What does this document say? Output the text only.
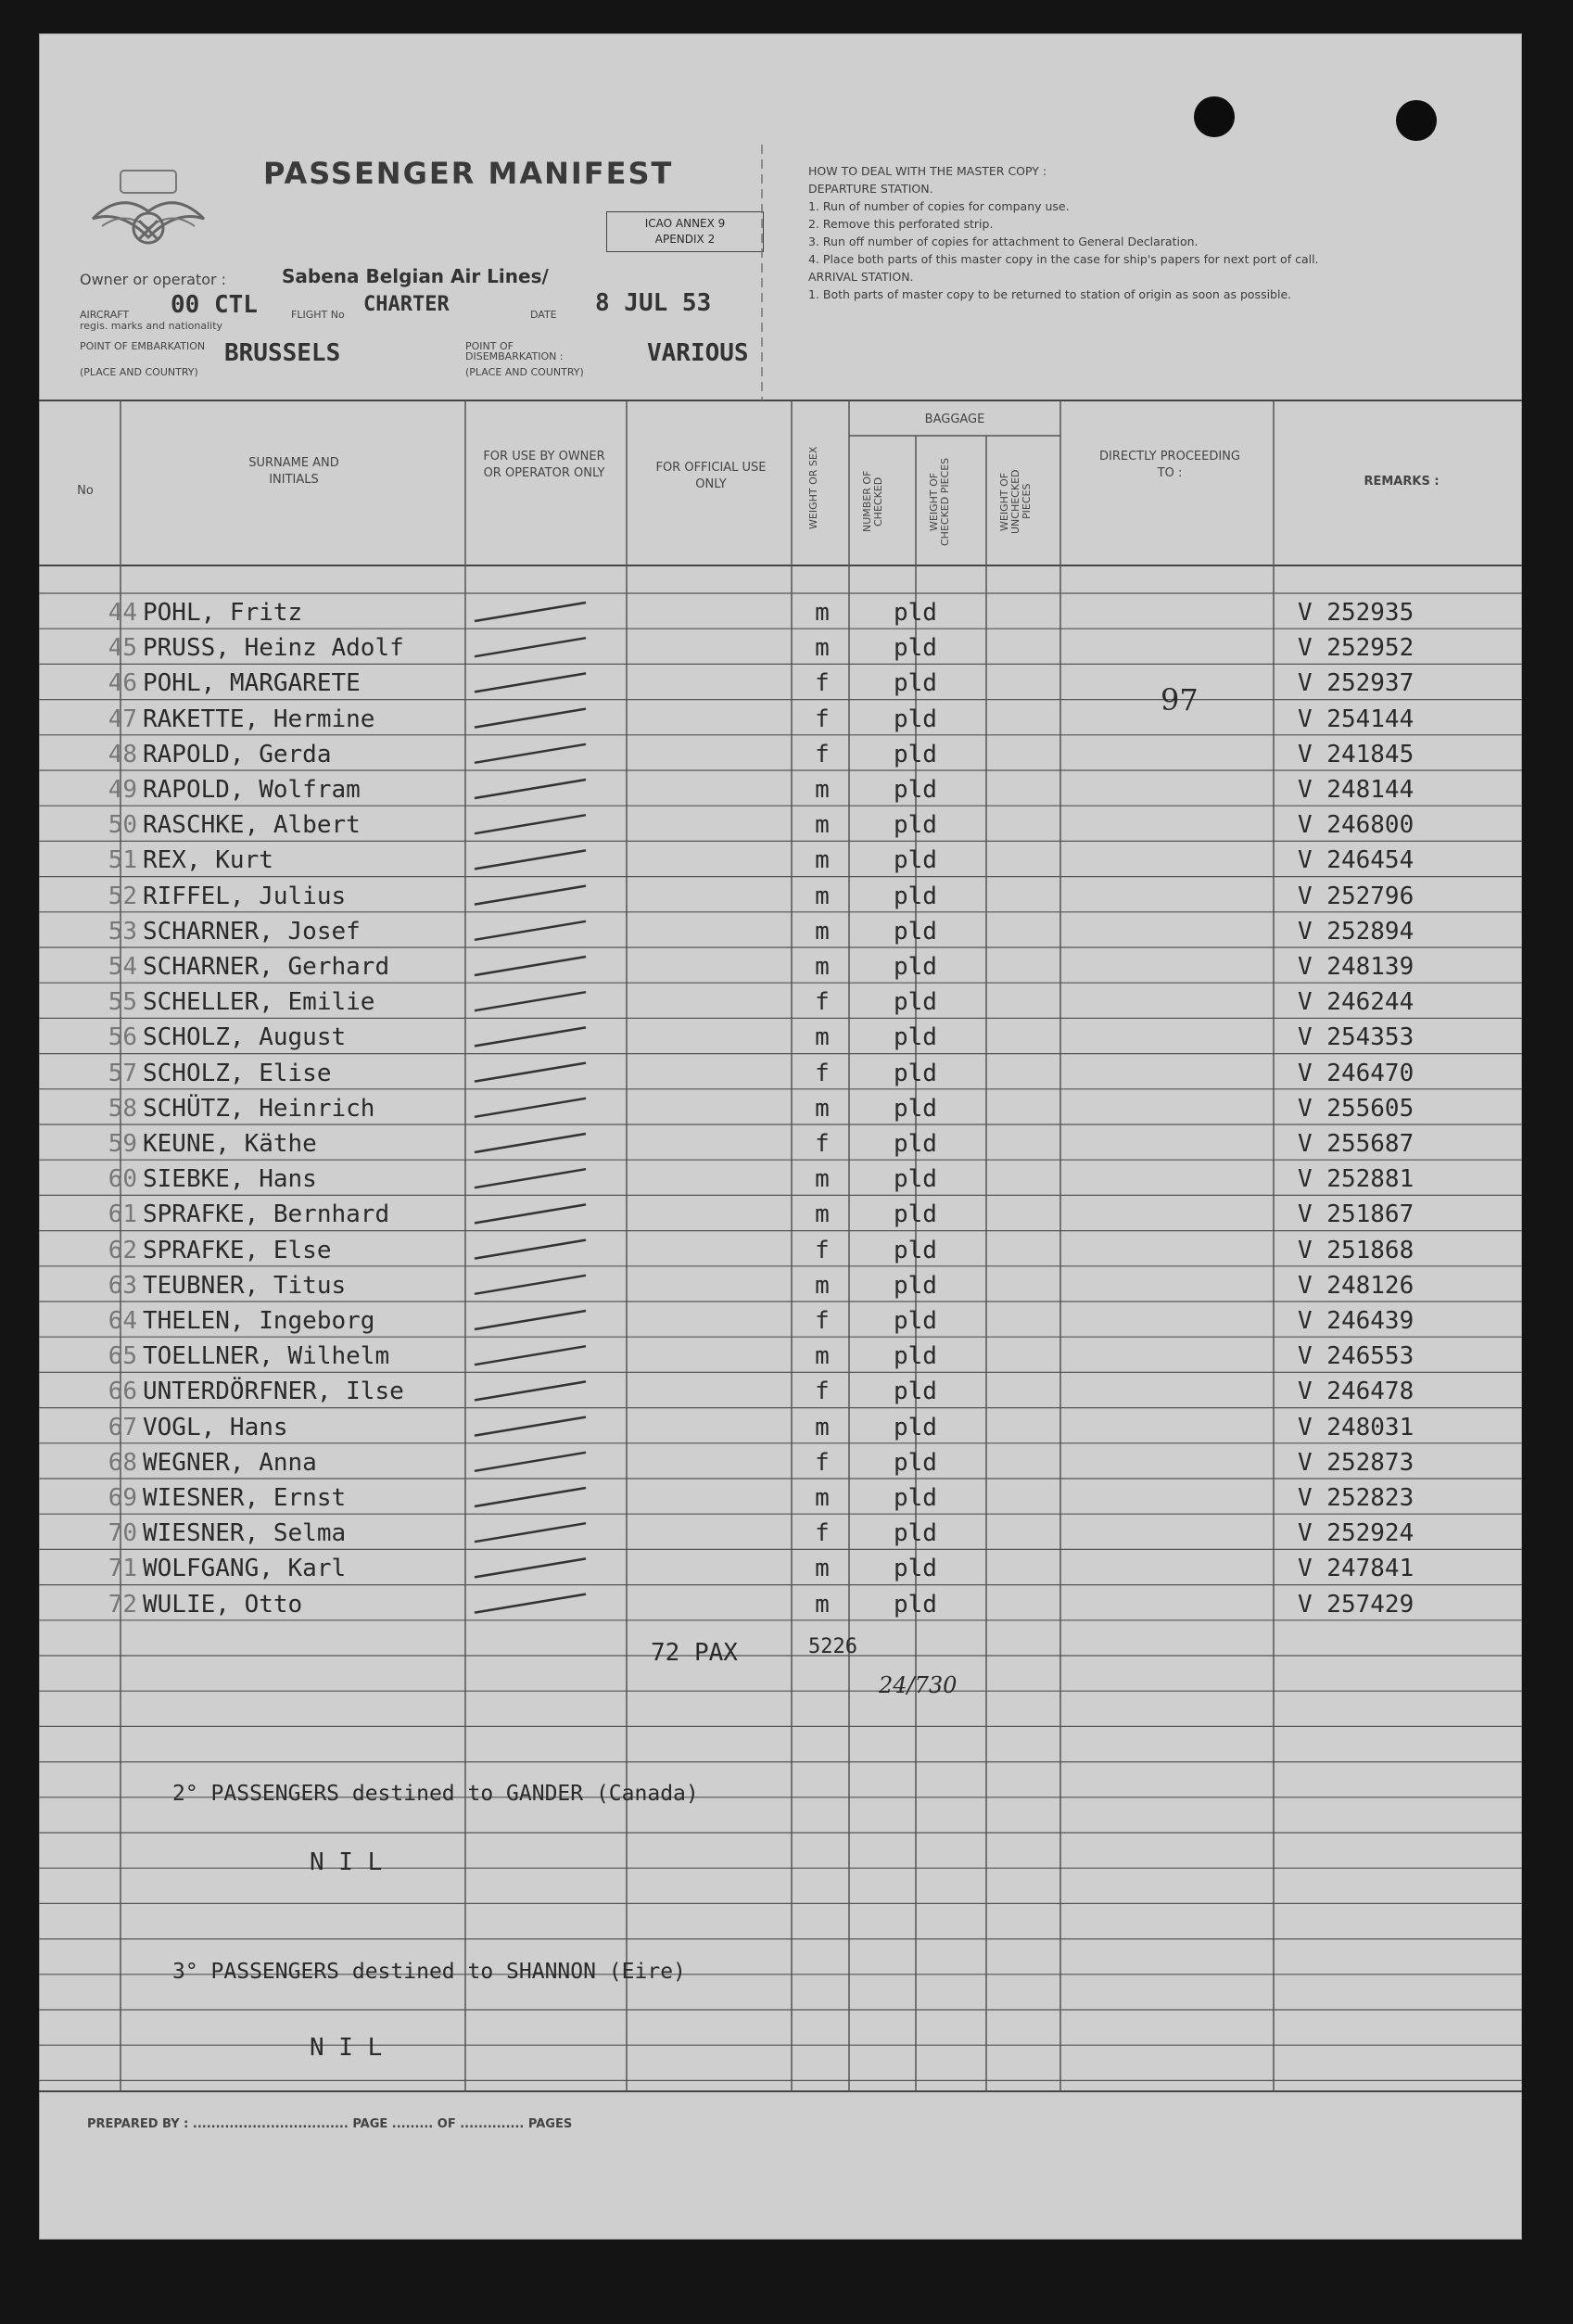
PASSENGER MANIFEST
ICAO ANNEX 9
APENDIX 2
Owner or operator :	Sabena Belgian Air Lines/
AIRCRAFT
regis. marks and nationality
00 CTL	FLIGHT No CHARTER	DATE 8 JUL 53
POINT OF EMBARKATION
(PLACE AND COUNTRY)
BRUSSELS	POINT OF DISEMBARKATION :
(PLACE AND COUNTRY)
VARIOUS
HOW TO DEAL WITH THE MASTER COPY :
DEPARTURE STATION.
1. Run of number of copies for company use.
2. Remove this perforated strip.
3. Run off number of copies for attachment to General Declaration.
4. Place both parts of this master copy in the case for ship's papers for next port of call.
ARRIVAL STATION.
1. Both parts of master copy to be returned to station of origin as soon as possible.
No
SURNAME AND INITIALS
FOR USE BY OWNER OR OPERATOR ONLY	FOR OFFICIAL USE ONLY	WEIGHT OR SEX
BAGGAGE
NUMBER OF CHECKED	WEIGHT OF CHECKED PIECES	WEIGHT OF UNCHECKED PIECES
DIRECTLY PROCEEDING TO :
REMARKS :
44 POHL, Fritz	m	pld	V 252935
45 PRUSS, Heinz Adolf	m	pld	V 252952
46 POHL, MARGARETE	f	pld	V 252937
47 RAKETTE, Hermine	f	pld	V 254144
48 RAPOLD, Gerda	f	pld	V 241845
49 RAPOLD, Wolfram	m	pld	V 248144
50 RASCHKE, Albert	m	pld	V 246800
51 REX, Kurt	m	pld	V 246454
52 RIFFEL, Julius	m	pld	V 252796
53 SCHARNER, Josef	m	pld	V 252894
54 SCHARNER, Gerhard	m	pld	V 248139
55 SCHELLER, Emilie	f	pld	V 246244
56 SCHOLZ, August	m	pld	V 254353
57 SCHOLZ, Elise	f	pld	V 246470
58 SCHÜTZ, Heinrich	m	pld	V 255605
59 KEUNE, Käthe	f	pld	V 255687
60 SIEBKE, Hans	m	pld	V 252881
61 SPRAFKE, Bernhard	m	pld	V 251867
62 SPRAFKE, Else	f	pld	V 251868
63 TEUBNER, Titus	m	pld	V 248126
64 THELEN, Ingeborg	f	pld	V 246439
65 TOELLNER, Wilhelm	m	pld	V 246553
66 UNTERDÖRFNER, Ilse	f	pld	V 246478
67 VOGL, Hans	m	pld	V 248031
68 WEGNER, Anna	f	pld	V 252873
69 WIESNER, Ernst	m	pld	V 252823
70 WIESNER, Selma	f	pld	V 252924
71 WOLFGANG, Karl	m	pld	V 247841
72 WULIE, Otto	m	pld	V 257429
97
72 PAX	5226
24/730
2° PASSENGERS destined to GANDER (Canada)
N I L
3° PASSENGERS destined to SHANNON (Eire)
N I L
PREPARED BY : .................................. PAGE ......... OF .............. PAGES
